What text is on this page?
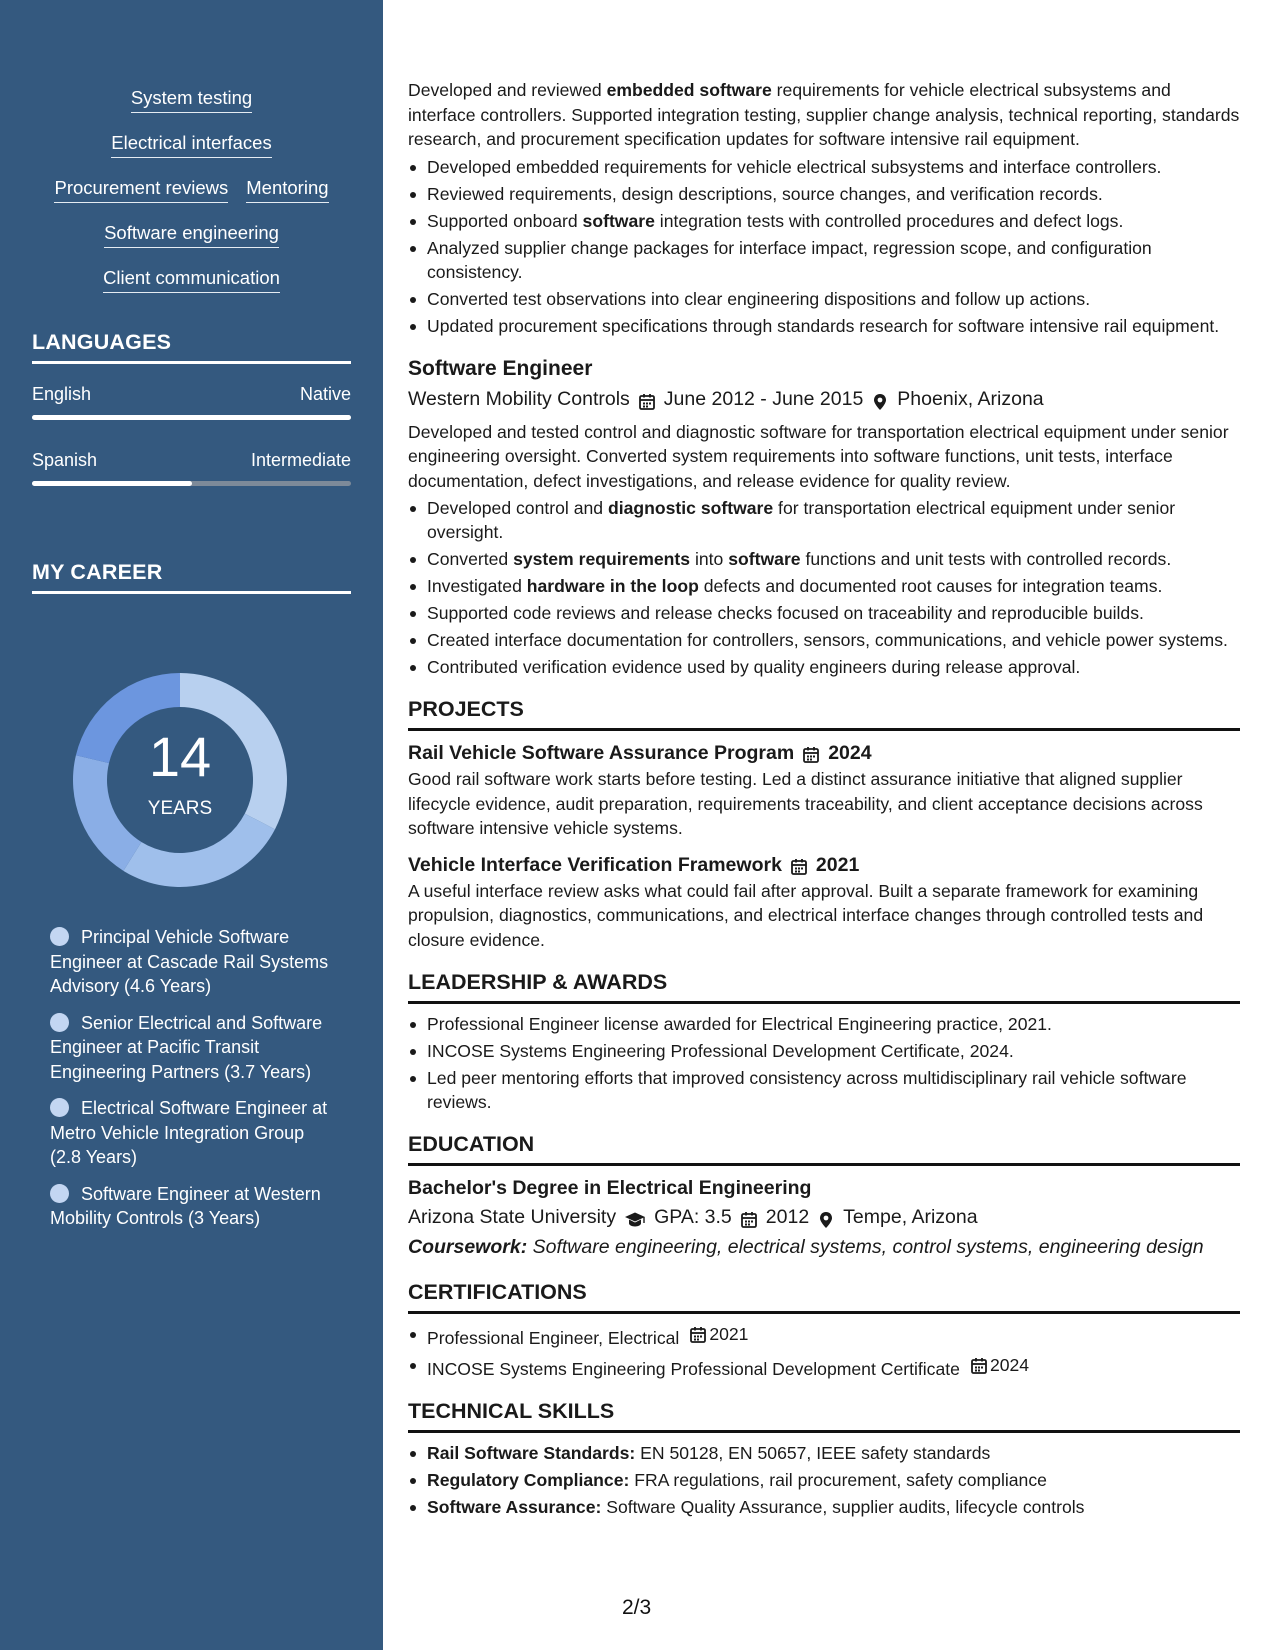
System testing
Electrical interfaces
Procurement reviews Mentoring
Software engineering
Client communication
LANGUAGES
English	Native
Spanish	Intermediate
MY CAREER
14
YEARS
Principal Vehicle Software Engineer at Cascade Rail Systems Advisory (4.6 Years)
Senior Electrical and Software Engineer at Pacific Transit Engineering Partners (3.7 Years)
Electrical Software Engineer at Metro Vehicle Integration Group (2.8 Years)
Software Engineer at Western Mobility Controls (3 Years)
Developed and reviewed embedded software requirements for vehicle electrical subsystems and interface controllers. Supported integration testing, supplier change analysis, technical reporting, standards research, and procurement specification updates for software intensive rail equipment.
Developed embedded requirements for vehicle electrical subsystems and interface controllers.
Reviewed requirements, design descriptions, source changes, and verification records.
Supported onboard software integration tests with controlled procedures and defect logs.
Analyzed supplier change packages for interface impact, regression scope, and configuration consistency.
Converted test observations into clear engineering dispositions and follow up actions.
Updated procurement specifications through standards research for software intensive rail equipment.
Software Engineer
Western Mobility Controls June 2012 - June 2015 Phoenix, Arizona
Developed and tested control and diagnostic software for transportation electrical equipment under senior engineering oversight. Converted system requirements into software functions, unit tests, interface documentation, defect investigations, and release evidence for quality review.
Developed control and diagnostic software for transportation electrical equipment under senior oversight.
Converted system requirements into software functions and unit tests with controlled records.
Investigated hardware in the loop defects and documented root causes for integration teams.
Supported code reviews and release checks focused on traceability and reproducible builds.
Created interface documentation for controllers, sensors, communications, and vehicle power systems.
Contributed verification evidence used by quality engineers during release approval.
PROJECTS
Rail Vehicle Software Assurance Program 2024
Good rail software work starts before testing. Led a distinct assurance initiative that aligned supplier lifecycle evidence, audit preparation, requirements traceability, and client acceptance decisions across software intensive vehicle systems.
Vehicle Interface Verification Framework 2021
A useful interface review asks what could fail after approval. Built a separate framework for examining propulsion, diagnostics, communications, and electrical interface changes through controlled tests and closure evidence.
LEADERSHIP & AWARDS
Professional Engineer license awarded for Electrical Engineering practice, 2021.
INCOSE Systems Engineering Professional Development Certificate, 2024.
Led peer mentoring efforts that improved consistency across multidisciplinary rail vehicle software reviews.
EDUCATION
Bachelor's Degree in Electrical Engineering
Arizona State University GPA: 3.5 2012 Tempe, Arizona
Coursework: Software engineering, electrical systems, control systems, engineering design
CERTIFICATIONS
Professional Engineer, Electrical 2021
INCOSE Systems Engineering Professional Development Certificate 2024
TECHNICAL SKILLS
Rail Software Standards: EN 50128, EN 50657, IEEE safety standards
Regulatory Compliance: FRA regulations, rail procurement, safety compliance
Software Assurance: Software Quality Assurance, supplier audits, lifecycle controls
2/3
